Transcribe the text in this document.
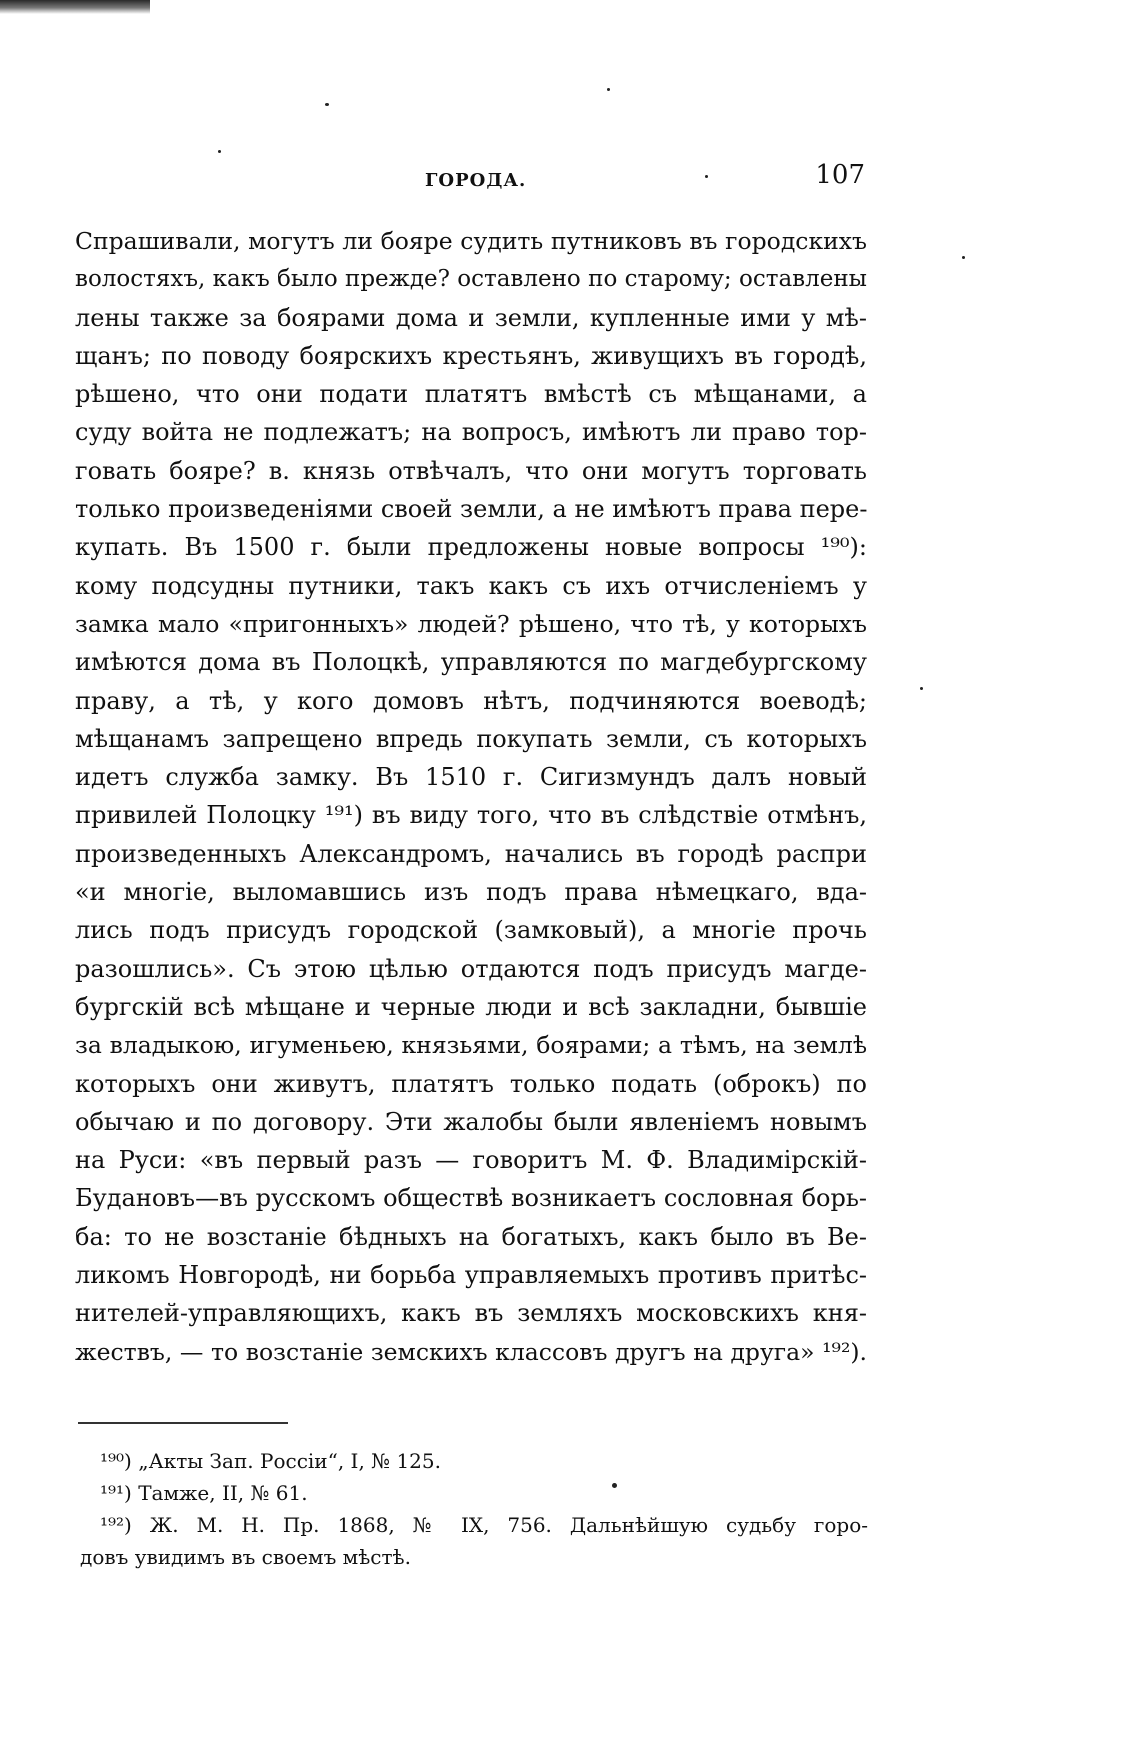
ГОРОДА.	107
Спрашивали, могутъ ли бояре судить путниковъ въ городскихъ
волостяхъ, какъ было прежде? оставлено по старому; оставлены
лены также за боярами дома и земли, купленные ими у мѣ-
щанъ; по поводу боярскихъ крестьянъ, живущихъ въ городѣ,
рѣшено, что они подати платятъ вмѣстѣ съ мѣщанами, а
суду войта не подлежатъ; на вопросъ, имѣютъ ли право тор-
говать бояре? в. князь отвѣчалъ, что они могутъ торговать
только произведеніями своей земли, а не имѣютъ права пере-
купать. Въ 1500 г. были предложены новые вопросы ¹⁹⁰):
кому подсудны путники, такъ какъ съ ихъ отчисленіемъ у
замка мало «пригонныхъ» людей? рѣшено, что тѣ, у которыхъ
имѣются дома въ Полоцкѣ, управляются по магдебургскому
праву, а тѣ, у кого домовъ нѣтъ, подчиняются воеводѣ;
мѣщанамъ запрещено впредь покупать земли, съ которыхъ
идетъ служба замку. Въ 1510 г. Сигизмундъ далъ новый
привилей Полоцку ¹⁹¹) въ виду того, что въ слѣдствіе отмѣнъ,
произведенныхъ Александромъ, начались въ городѣ распри
«и многіе, выломавшись изъ подъ права нѣмецкаго, вда-
лись подъ присудъ городской (замковый), а многіе прочь
разошлись». Съ этою цѣлью отдаются подъ присудъ магде-
бургскій всѣ мѣщане и черные люди и всѣ закладни, бывшіе
за владыкою, игуменьею, князьями, боярами; а тѣмъ, на землѣ
которыхъ они живутъ, платятъ только подать (оброкъ) по
обычаю и по договору. Эти жалобы были явленіемъ новымъ
на Руси: «въ первый разъ — говоритъ М. Ф. Владимірскій-
Будановъ—въ русскомъ обществѣ возникаетъ сословная борь-
ба: то не возстаніе бѣдныхъ на богатыхъ, какъ было въ Ве-
ликомъ Новгородѣ, ни борьба управляемыхъ противъ притѣс-
нителей-управляющихъ, какъ въ земляхъ московскихъ кня-
жествъ, — то возстаніе земскихъ классовъ другъ на друга» ¹⁹²).
¹⁹⁰) „Акты Зап. Россіи“, I, № 125.
¹⁹¹) Тамже, II, № 61.
¹⁹²) Ж. М. Н. Пр. 1868, № IX, 756. Дальнѣйшую судьбу горо-
довъ увидимъ въ своемъ мѣстѣ.
